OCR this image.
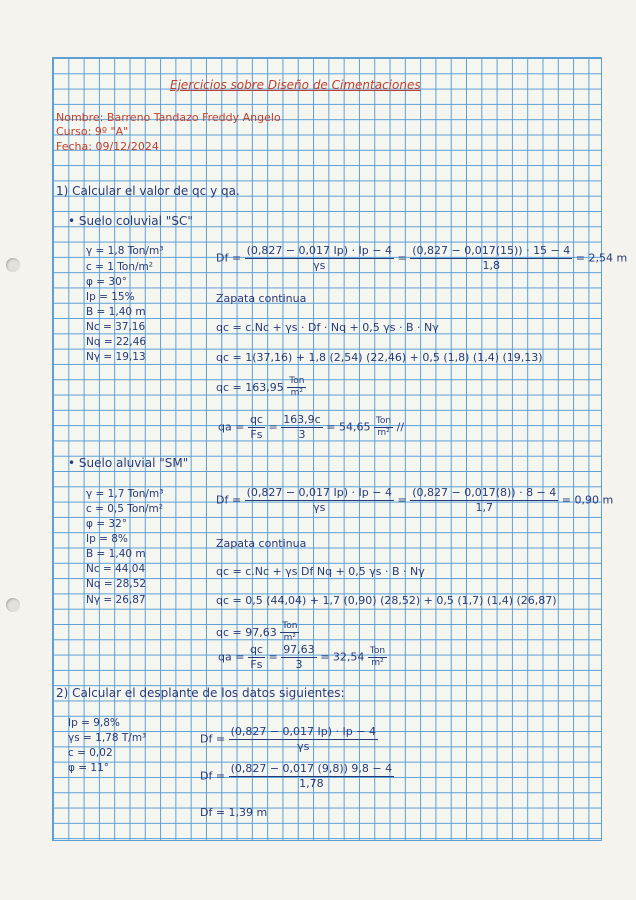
Ejercicios sobre Diseño de Cimentaciones
Nombre: Barreno Tandazo Freddy Angelo
Curso: 9º "A"
Fecha: 09/12/2024
1) Calcular el valor de qc y qa.
• Suelo coluvial "SC"
γ = 1,8 Ton/m³
c = 1 Ton/m²
φ = 30°
Ip = 15%
B = 1,40 m
Nc = 37,16
Nq = 22,46
Nγ = 19,13
$Df = \frac{(0,827 - 0,017 Ip) \cdot Ip - 4}{\gamma s} = \frac{(0,827 - 0,017(15)) \cdot 15 - 4}{1,8} = 2,54$ m
Zapata continua
qc = c.Nc + γs · Df · Nq + 0,5 γs · B · Nγ
qc = 1(37,16) + 1,8 (2,54) (22,46) + 0,5 (1,8) (1,4) (19,13)
qc = $163,95 \frac{\text{Ton}}{\text{m²}}$
qa = $\frac{qc}{Fs} = \frac{163,9c}{3} = 54,65 \frac{\text{Ton}}{\text{m²}}$ //
• Suelo aluvial "SM"
γ = 1,7 Ton/m³
c = 0,5 Ton/m²
φ = 32°
Ip = 8%
B = 1,40 m
Nc = 44,04
Nq = 28,52
Nγ = 26,87
$Df = \frac{(0,827 - 0,017 Ip) \cdot Ip - 4}{\gamma s} = \frac{(0,827 - 0,017(8)) \cdot 8 - 4}{1,7} = 0,90$ m
Zapata continua
qc = c.Nc + γs Df Nq + 0,5 γs · B · Nγ
qc = 0,5 (44,04) + 1,7 (0,90) (28,52) + 0,5 (1,7) (1,4) (26,87)
qc = $97,63 \frac{\text{Ton}}{\text{m²}}$
qa = $\frac{qc}{Fs} = \frac{97,63}{3} = 32,54 \frac{\text{Ton}}{\text{m²}}$
2) Calcular el desplante de los datos siguientes:
Ip = 9,8%
γs = 1,78 T/m³
c = 0,02
φ = 11°
$Df = \frac{(0,827 - 0,017 Ip) \cdot Ip - 4}{\gamma s}$
$Df = \frac{(0,827 - 0,017 (9,8)) 9,8 - 4}{1,78}$
Df = 1,39 m
